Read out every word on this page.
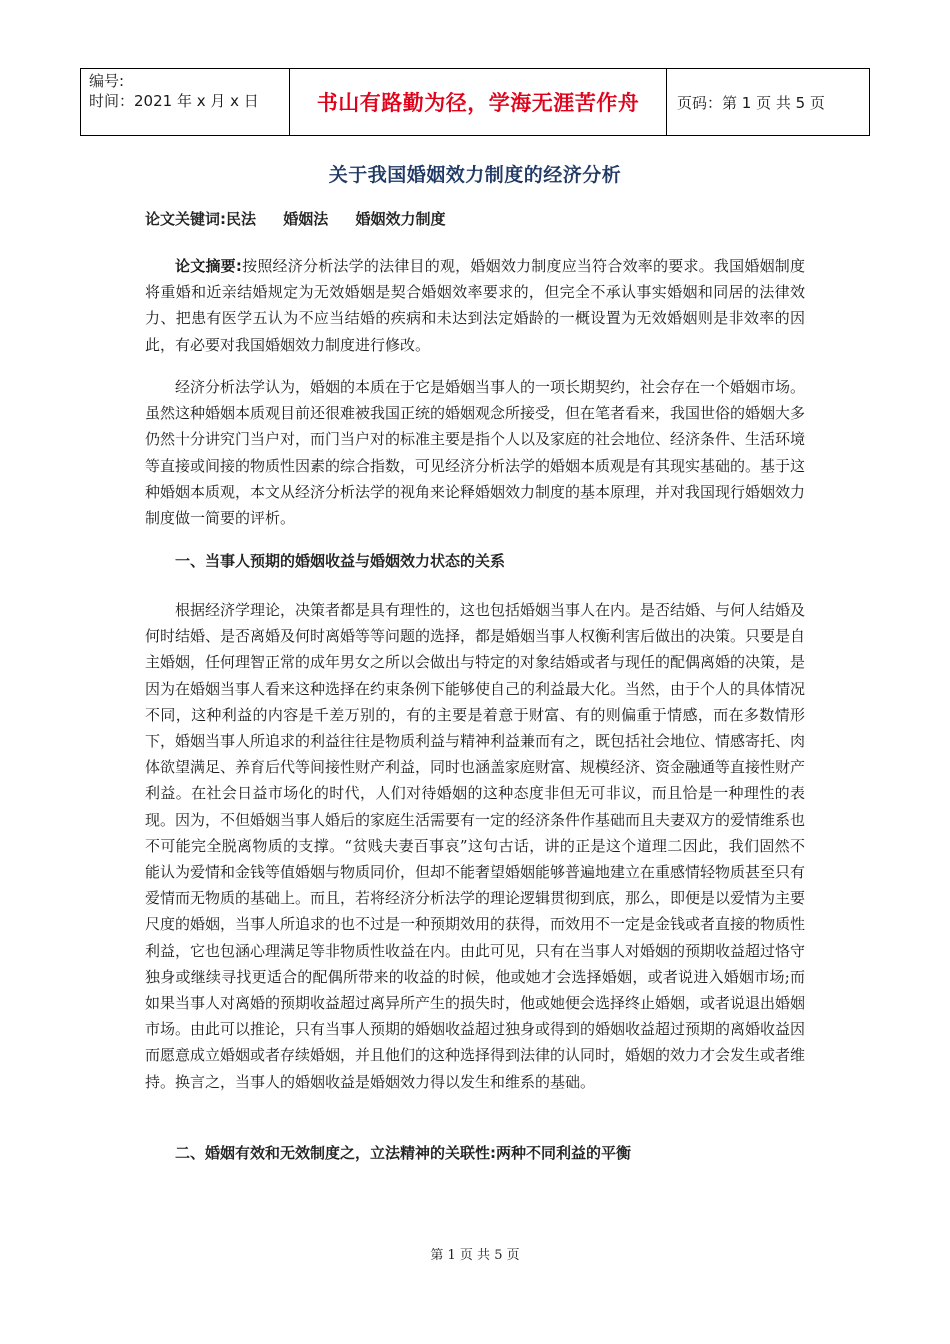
编号:
时间：2021 年 x 月 x 日	书山有路勤为径，学海无涯苦作舟	页码：第 1 页 共 5 页
关于我国婚姻效力制度的经济分析
论文关键词:民法 婚姻法 婚姻效力制度

论文摘要:按照经济分析法学的法律目的观，婚姻效力制度应当符合效率的要求。我国婚姻制度将重婚和近亲结婚规定为无效婚姻是契合婚姻效率要求的，但完全不承认事实婚姻和同居的法律效力、把患有医学五认为不应当结婚的疾病和未达到法定婚龄的一概设置为无效婚姻则是非效率的因此，有必要对我国婚姻效力制度进行修改。

经济分析法学认为，婚姻的本质在于它是婚姻当事人的一项长期契约，社会存在一个婚姻市场。虽然这种婚姻本质观目前还很难被我国正统的婚姻观念所接受，但在笔者看来，我国世俗的婚姻大多仍然十分讲究门当户对，而门当户对的标准主要是指个人以及家庭的社会地位、经济条件、生活环境等直接或间接的物质性因素的综合指数，可见经济分析法学的婚姻本质观是有其现实基础的。基于这种婚姻本质观，本文从经济分析法学的视角来论释婚姻效力制度的基本原理，并对我国现行婚姻效力制度做一简要的评析。

一、当事人预期的婚姻收益与婚姻效力状态的关系

根据经济学理论，决策者都是具有理性的，这也包括婚姻当事人在内。是否结婚、与何人结婚及何时结婚、是否离婚及何时离婚等等问题的选择，都是婚姻当事人权衡利害后做出的决策。只要是自主婚姻，任何理智正常的成年男女之所以会做出与特定的对象结婚或者与现任的配偶离婚的决策，是因为在婚姻当事人看来这种选择在约束条例下能够使自己的利益最大化。当然，由于个人的具体情况不同，这种利益的内容是千差万别的，有的主要是着意于财富、有的则偏重于情感，而在多数情形下，婚姻当事人所追求的利益往往是物质利益与精神利益兼而有之，既包括社会地位、情感寄托、肉体欲望满足、养育后代等间接性财产利益，同时也涵盖家庭财富、规模经济、资金融通等直接性财产利益。在社会日益市场化的时代，人们对待婚姻的这种态度非但无可非议，而且恰是一种理性的表现。因为，不但婚姻当事人婚后的家庭生活需要有一定的经济条件作基础而且夫妻双方的爱情维系也不可能完全脱离物质的支撑。“贫贱夫妻百事哀”这句古话，讲的正是这个道理二因此，我们固然不能认为爱情和金钱等值婚姻与物质同价，但却不能奢望婚姻能够普遍地建立在重感情轻物质甚至只有爱情而无物质的基础上。而且，若将经济分析法学的理论逻辑贯彻到底，那么，即便是以爱情为主要尺度的婚姻，当事人所追求的也不过是一种预期效用的获得，而效用不一定是金钱或者直接的物质性利益，它也包涵心理满足等非物质性收益在内。由此可见，只有在当事人对婚姻的预期收益超过恪守独身或继续寻找更适合的配偶所带来的收益的时候，他或她才会选择婚姻，或者说进入婚姻市场;而如果当事人对离婚的预期收益超过离异所产生的损失时，他或她便会选择终止婚姻，或者说退出婚姻市场。由此可以推论，只有当事人预期的婚姻收益超过独身或得到的婚姻收益超过预期的离婚收益因而愿意成立婚姻或者存续婚姻，并且他们的这种选择得到法律的认同时，婚姻的效力才会发生或者维持。换言之，当事人的婚姻收益是婚姻效力得以发生和维系的基础。

二、婚姻有效和无效制度之，立法精神的关联性:两种不同利益的平衡
第 1 页 共 5 页
